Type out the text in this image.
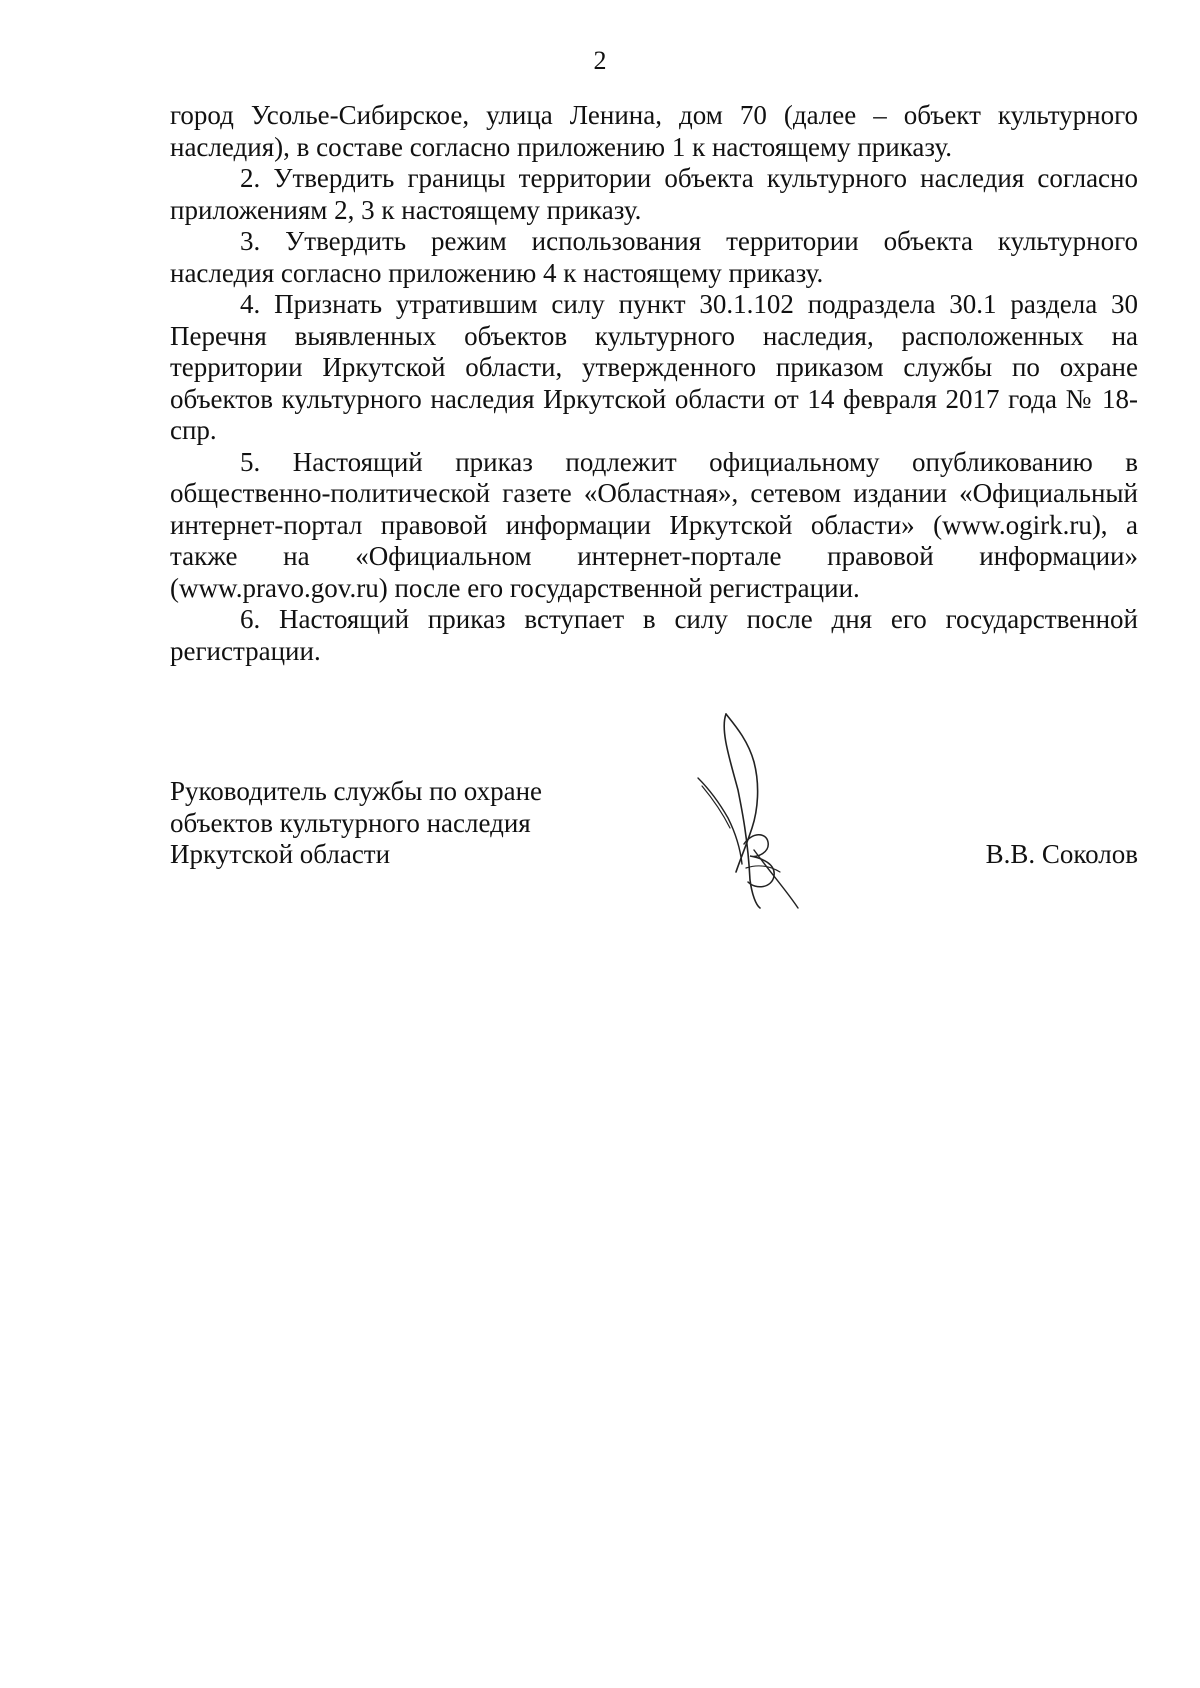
2

город Усолье-Сибирское, улица Ленина, дом 70 (далее – объект культурного наследия), в составе согласно приложению 1 к настоящему приказу.

2. Утвердить границы территории объекта культурного наследия согласно приложениям 2, 3 к настоящему приказу.

3. Утвердить режим использования территории объекта культурного наследия согласно приложению 4 к настоящему приказу.

4. Признать утратившим силу пункт 30.1.102 подраздела 30.1 раздела 30 Перечня выявленных объектов культурного наследия, расположенных на территории Иркутской области, утвержденного приказом службы по охране объектов культурного наследия Иркутской области от 14 февраля 2017 года № 18-спр.

5. Настоящий приказ подлежит официальному опубликованию в общественно-политической газете «Областная», сетевом издании «Официальный интернет-портал правовой информации Иркутской области» (www.ogirk.ru), а также на «Официальном интернет-портале правовой информации» (www.pravo.gov.ru) после его государственной регистрации.

6. Настоящий приказ вступает в силу после дня его государственной регистрации.

Руководитель службы по охране
объектов культурного наследия
Иркутской области	В.В. Соколов
